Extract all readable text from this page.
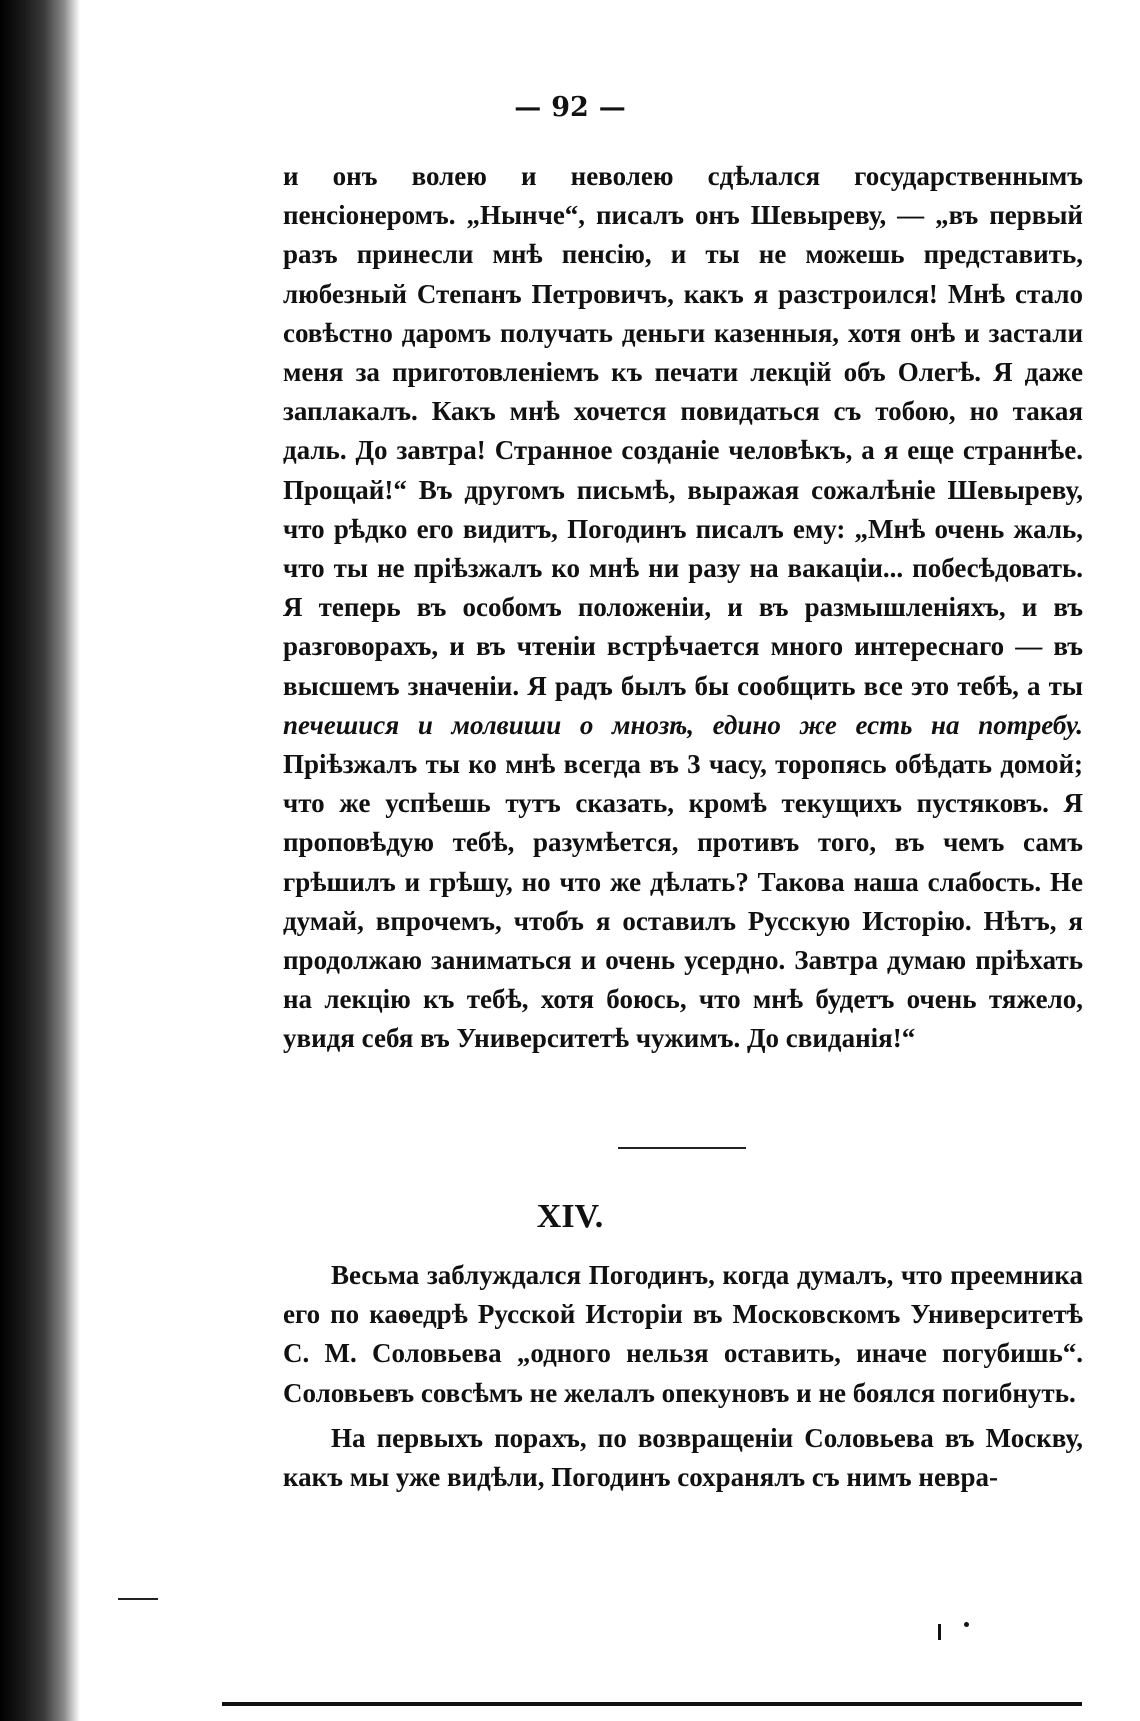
— 92 —

и онъ волею и неволею сдѣлался государственнымъ пенсіонеромъ. „Нынче“, писалъ онъ Шевыреву, — „въ первый разъ принесли мнѣ пенсію, и ты не можешь представить, любезный Степанъ Петровичъ, какъ я разстроился! Мнѣ стало совѣстно даромъ получать деньги казенныя, хотя онѣ и застали меня за приготовленіемъ къ печати лекцій объ Олегѣ. Я даже заплакалъ. Какъ мнѣ хочется повидаться съ тобою, но такая даль. До завтра! Странное созданіе человѣкъ, а я еще страннѣе. Прощай!“ Въ другомъ письмѣ, выражая сожалѣніе Шевыреву, что рѣдко его видитъ, Погодинъ писалъ ему: „Мнѣ очень жаль, что ты не пріѣзжалъ ко мнѣ ни разу на вакаціи... побесѣдовать. Я теперь въ особомъ положеніи, и въ размышленіяхъ, и въ разговорахъ, и въ чтеніи встрѣчается много интереснаго — въ высшемъ значеніи. Я радъ былъ бы сообщить все это тебѣ, а ты печешися и молвиши о мнозѣ, едино же есть на потребу. Пріѣзжалъ ты ко мнѣ всегда въ 3 часу, торопясь обѣдать домой; что же успѣешь тутъ сказать, кромѣ текущихъ пустяковъ. Я проповѣдую тебѣ, разумѣется, противъ того, въ чемъ самъ грѣшилъ и грѣшу, но что же дѣлать? Такова наша слабость. Не думай, впрочемъ, чтобъ я оставилъ Русскую Исторію. Нѣтъ, я продолжаю заниматься и очень усердно. Завтра думаю пріѣхать на лекцію къ тебѣ, хотя боюсь, что мнѣ будетъ очень тяжело, увидя себя въ Университетѣ чужимъ. До свиданія!“

XIV.

Весьма заблуждался Погодинъ, когда думалъ, что преемника его по каѳедрѣ Русской Исторіи въ Московскомъ Университетѣ С. М. Соловьева „одного нельзя оставить, иначе погубишь“. Соловьевъ совсѣмъ не желалъ опекуновъ и не боялся погибнуть.

На первыхъ порахъ, по возвращеніи Соловьева въ Москву, какъ мы уже видѣли, Погодинъ сохранялъ съ нимъ невра-
